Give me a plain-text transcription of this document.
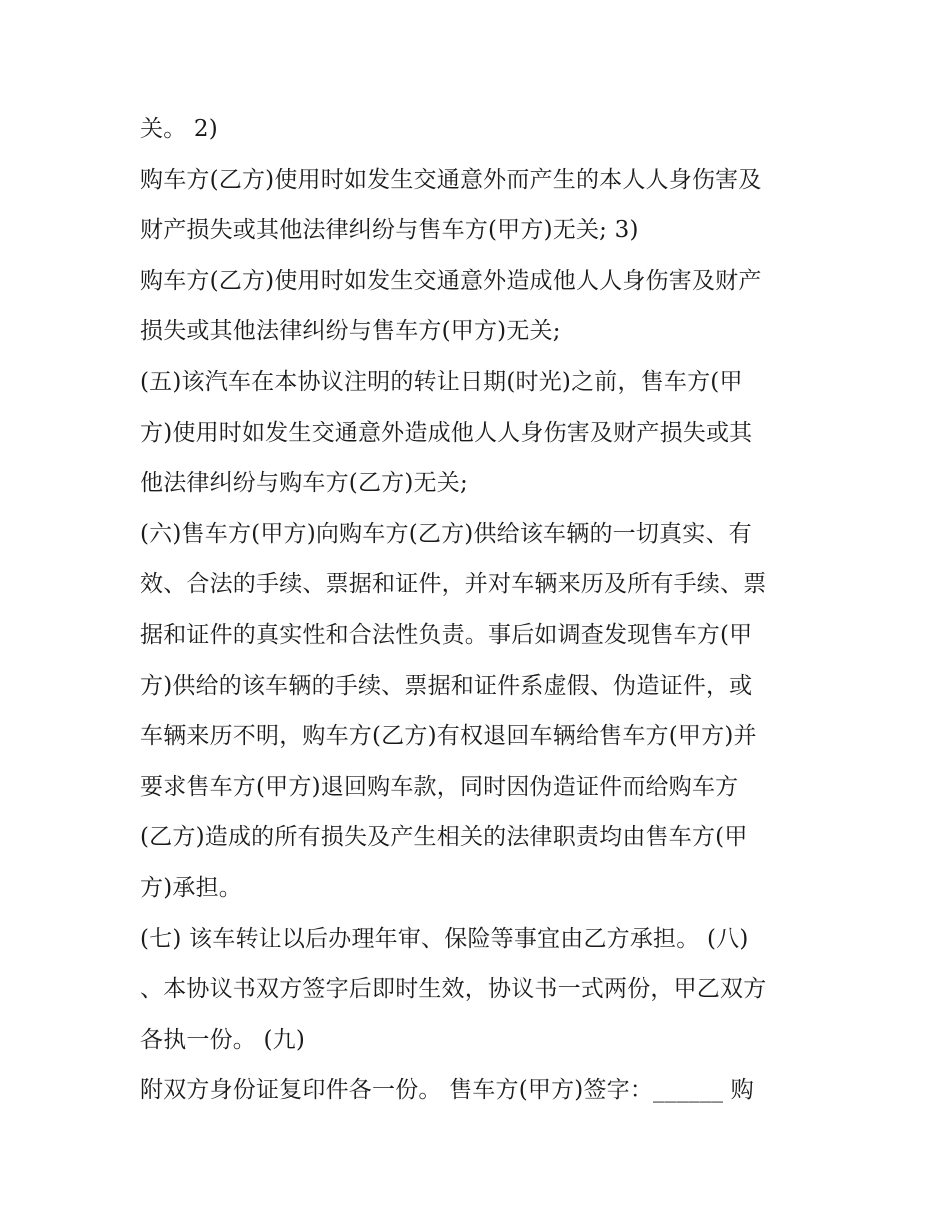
关。 2)
购车方(乙方)使用时如发生交通意外而产生的本人人身伤害及
财产损失或其他法律纠纷与售车方(甲方)无关; 3)
购车方(乙方)使用时如发生交通意外造成他人人身伤害及财产
损失或其他法律纠纷与售车方(甲方)无关;
(五)该汽车在本协议注明的转让日期(时光)之前，售车方(甲
方)使用时如发生交通意外造成他人人身伤害及财产损失或其
他法律纠纷与购车方(乙方)无关;
(六)售车方(甲方)向购车方(乙方)供给该车辆的一切真实、有
效、合法的手续、票据和证件，并对车辆来历及所有手续、票
据和证件的真实性和合法性负责。事后如调查发现售车方(甲
方)供给的该车辆的手续、票据和证件系虚假、伪造证件，或
车辆来历不明，购车方(乙方)有权退回车辆给售车方(甲方)并
要求售车方(甲方)退回购车款，同时因伪造证件而给购车方
(乙方)造成的所有损失及产生相关的法律职责均由售车方(甲
方)承担。
(七) 该车转让以后办理年审、保险等事宜由乙方承担。 (八)
、本协议书双方签字后即时生效，协议书一式两份，甲乙双方
各执一份。 (九)
附双方身份证复印件各一份。 售车方(甲方)签字：______ 购
